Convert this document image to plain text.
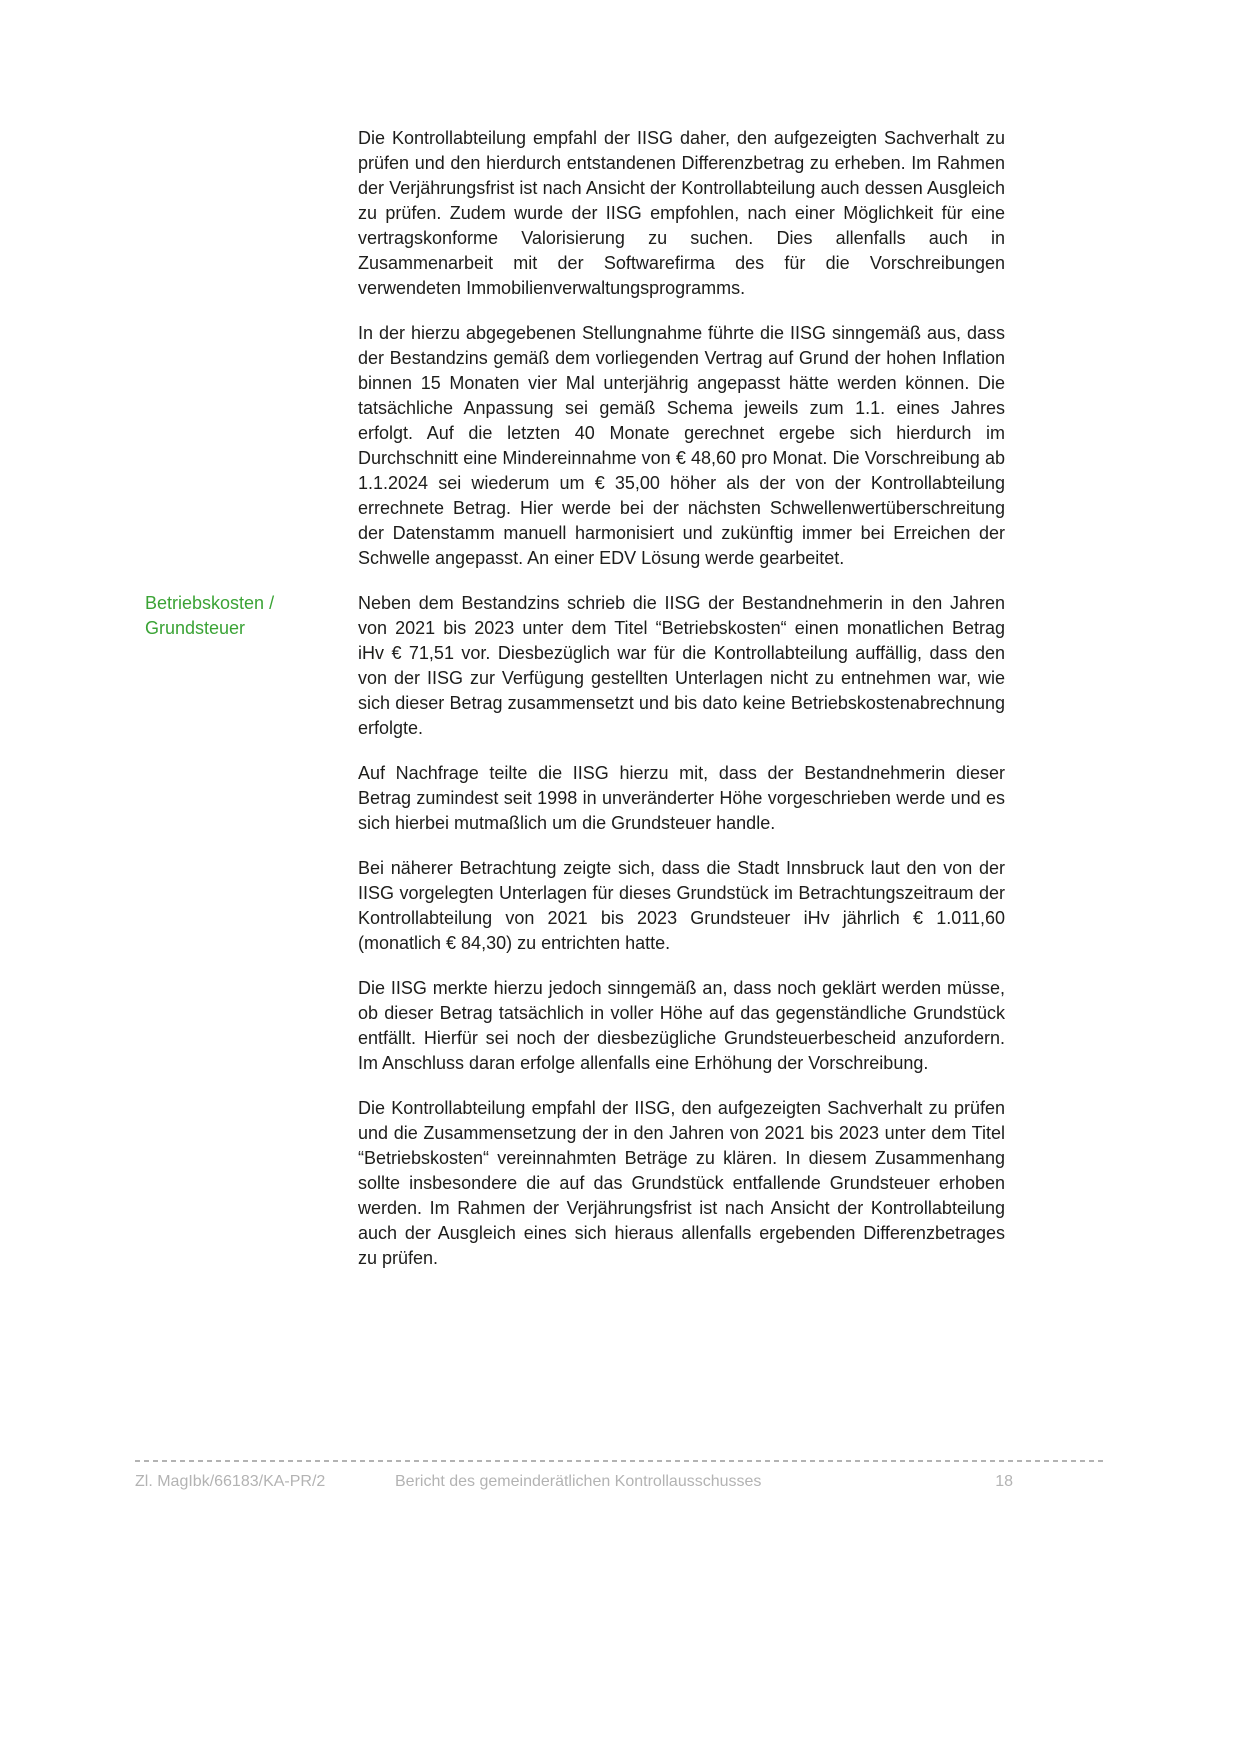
Die Kontrollabteilung empfahl der IISG daher, den aufgezeigten Sachverhalt zu prüfen und den hierdurch entstandenen Differenzbetrag zu erheben. Im Rahmen der Verjährungsfrist ist nach Ansicht der Kontrollabteilung auch dessen Ausgleich zu prüfen. Zudem wurde der IISG empfohlen, nach einer Möglichkeit für eine vertragskonforme Valorisierung zu suchen. Dies allenfalls auch in Zusammenarbeit mit der Softwarefirma des für die Vorschreibungen verwendeten Immobilienverwaltungsprogramms.

In der hierzu abgegebenen Stellungnahme führte die IISG sinngemäß aus, dass der Bestandzins gemäß dem vorliegenden Vertrag auf Grund der hohen Inflation binnen 15 Monaten vier Mal unterjährig angepasst hätte werden können. Die tatsächliche Anpassung sei gemäß Schema jeweils zum 1.1. eines Jahres erfolgt. Auf die letzten 40 Monate gerechnet ergebe sich hierdurch im Durchschnitt eine Mindereinnahme von € 48,60 pro Monat. Die Vorschreibung ab 1.1.2024 sei wiederum um € 35,00 höher als der von der Kontrollabteilung errechnete Betrag. Hier werde bei der nächsten Schwellenwertüberschreitung der Datenstamm manuell harmonisiert und zukünftig immer bei Erreichen der Schwelle angepasst. An einer EDV Lösung werde gearbeitet.

Betriebskosten / Grundsteuer

Neben dem Bestandzins schrieb die IISG der Bestandnehmerin in den Jahren von 2021 bis 2023 unter dem Titel “Betriebskosten“ einen monatlichen Betrag iHv € 71,51 vor. Diesbezüglich war für die Kontrollabteilung auffällig, dass den von der IISG zur Verfügung gestellten Unterlagen nicht zu entnehmen war, wie sich dieser Betrag zusammensetzt und bis dato keine Betriebskostenabrechnung erfolgte.

Auf Nachfrage teilte die IISG hierzu mit, dass der Bestandnehmerin dieser Betrag zumindest seit 1998 in unveränderter Höhe vorgeschrieben werde und es sich hierbei mutmaßlich um die Grundsteuer handle.

Bei näherer Betrachtung zeigte sich, dass die Stadt Innsbruck laut den von der IISG vorgelegten Unterlagen für dieses Grundstück im Betrachtungszeitraum der Kontrollabteilung von 2021 bis 2023 Grundsteuer iHv jährlich € 1.011,60 (monatlich € 84,30) zu entrichten hatte.

Die IISG merkte hierzu jedoch sinngemäß an, dass noch geklärt werden müsse, ob dieser Betrag tatsächlich in voller Höhe auf das gegenständliche Grundstück entfällt. Hierfür sei noch der diesbezügliche Grundsteuerbescheid anzufordern. Im Anschluss daran erfolge allenfalls eine Erhöhung der Vorschreibung.

Die Kontrollabteilung empfahl der IISG, den aufgezeigten Sachverhalt zu prüfen und die Zusammensetzung der in den Jahren von 2021 bis 2023 unter dem Titel “Betriebskosten“ vereinnahmten Beträge zu klären. In diesem Zusammenhang sollte insbesondere die auf das Grundstück entfallende Grundsteuer erhoben werden. Im Rahmen der Verjährungsfrist ist nach Ansicht der Kontrollabteilung auch der Ausgleich eines sich hieraus allenfalls ergebenden Differenzbetrages zu prüfen.

Zl. MagIbk/66183/KA-PR/2	Bericht des gemeinderätlichen Kontrollausschusses	18
